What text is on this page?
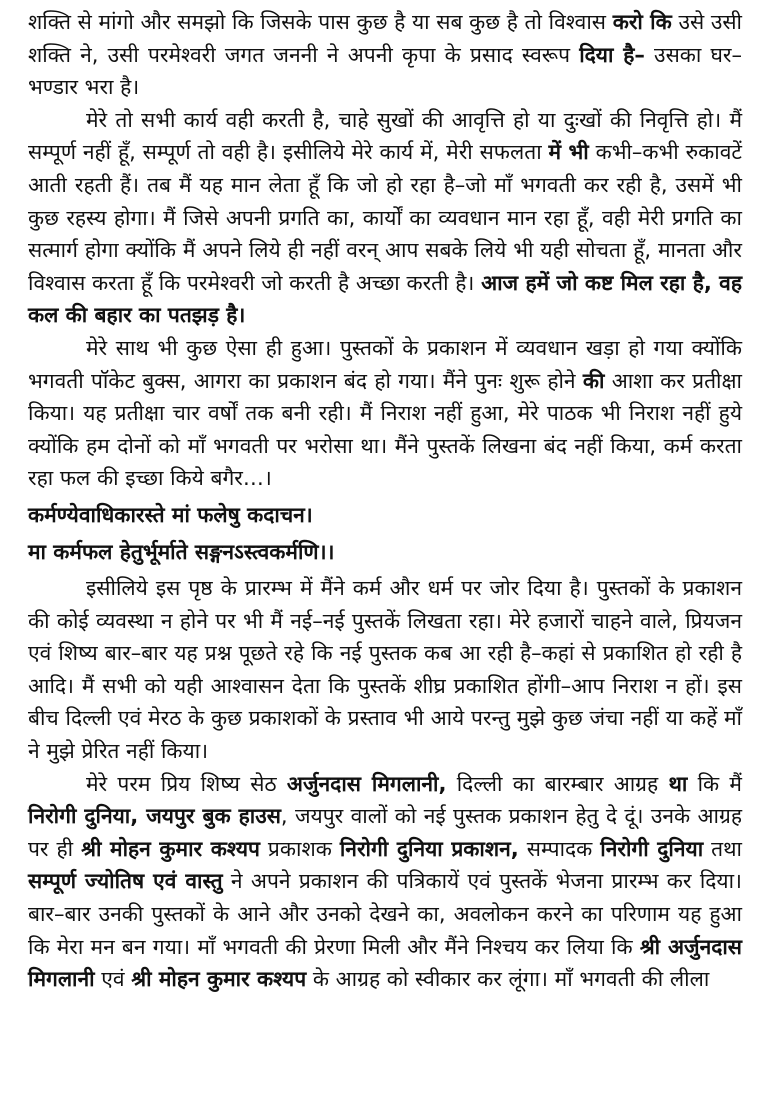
शक्ति से मांगो और समझो कि जिसके पास कुछ है या सब कुछ है तो विश्वास करो कि उसे उसी शक्ति ने, उसी परमेश्वरी जगत जननी ने अपनी कृपा के प्रसाद स्वरूप दिया है– उसका घर–भण्डार भरा है।

मेरे तो सभी कार्य वही करती है, चाहे सुखों की आवृत्ति हो या दुःखों की निवृत्ति हो। मैं सम्पूर्ण नहीं हूँ, सम्पूर्ण तो वही है। इसीलिये मेरे कार्य में, मेरी सफलता में भी कभी–कभी रुकावटें आती रहती हैं। तब मैं यह मान लेता हूँ कि जो हो रहा है–जो माँ भगवती कर रही है, उसमें भी कुछ रहस्य होगा। मैं जिसे अपनी प्रगति का, कार्यों का व्यवधान मान रहा हूँ, वही मेरी प्रगति का सत्मार्ग होगा क्योंकि मैं अपने लिये ही नहीं वरन् आप सबके लिये भी यही सोचता हूँ, मानता और विश्वास करता हूँ कि परमेश्वरी जो करती है अच्छा करती है। आज हमें जो कष्ट मिल रहा है, वह कल की बहार का पतझड़ है।

मेरे साथ भी कुछ ऐसा ही हुआ। पुस्तकों के प्रकाशन में व्यवधान खड़ा हो गया क्योंकि भगवती पॉकेट बुक्स, आगरा का प्रकाशन बंद हो गया। मैंने पुनः शुरू होने की आशा कर प्रतीक्षा किया। यह प्रतीक्षा चार वर्षों तक बनी रही। मैं निराश नहीं हुआ, मेरे पाठक भी निराश नहीं हुये क्योंकि हम दोनों को माँ भगवती पर भरोसा था। मैंने पुस्तकें लिखना बंद नहीं किया, कर्म करता रहा फल की इच्छा किये बगैर…।

कर्मण्येवाधिकारस्ते मां फलेषु कदाचन।

मा कर्मफल हेतुर्भूर्माते सङ्गनऽस्त्वकर्मणि।।

इसीलिये इस पृष्ठ के प्रारम्भ में मैंने कर्म और धर्म पर जोर दिया है। पुस्तकों के प्रकाशन की कोई व्यवस्था न होने पर भी मैं नई–नई पुस्तकें लिखता रहा। मेरे हजारों चाहने वाले, प्रियजन एवं शिष्य बार–बार यह प्रश्न पूछते रहे कि नई पुस्तक कब आ रही है–कहां से प्रकाशित हो रही है आदि। मैं सभी को यही आश्वासन देता कि पुस्तकें शीघ्र प्रकाशित होंगी–आप निराश न हों। इस बीच दिल्ली एवं मेरठ के कुछ प्रकाशकों के प्रस्ताव भी आये परन्तु मुझे कुछ जंचा नहीं या कहें माँ ने मुझे प्रेरित नहीं किया।

मेरे परम प्रिय शिष्य सेठ अर्जुनदास मिगलानी, दिल्ली का बारम्बार आग्रह था कि मैं निरोगी दुनिया, जयपुर बुक हाउस, जयपुर वालों को नई पुस्तक प्रकाशन हेतु दे दूं। उनके आग्रह पर ही श्री मोहन कुमार कश्यप प्रकाशक निरोगी दुनिया प्रकाशन, सम्पादक निरोगी दुनिया तथा सम्पूर्ण ज्योतिष एवं वास्तु ने अपने प्रकाशन की पत्रिकायें एवं पुस्तकें भेजना प्रारम्भ कर दिया। बार–बार उनकी पुस्तकों के आने और उनको देखने का, अवलोकन करने का परिणाम यह हुआ कि मेरा मन बन गया। माँ भगवती की प्रेरणा मिली और मैंने निश्चय कर लिया कि श्री अर्जुनदास मिगलानी एवं श्री मोहन कुमार कश्यप के आग्रह को स्वीकार कर लूंगा। माँ भगवती की लीला
